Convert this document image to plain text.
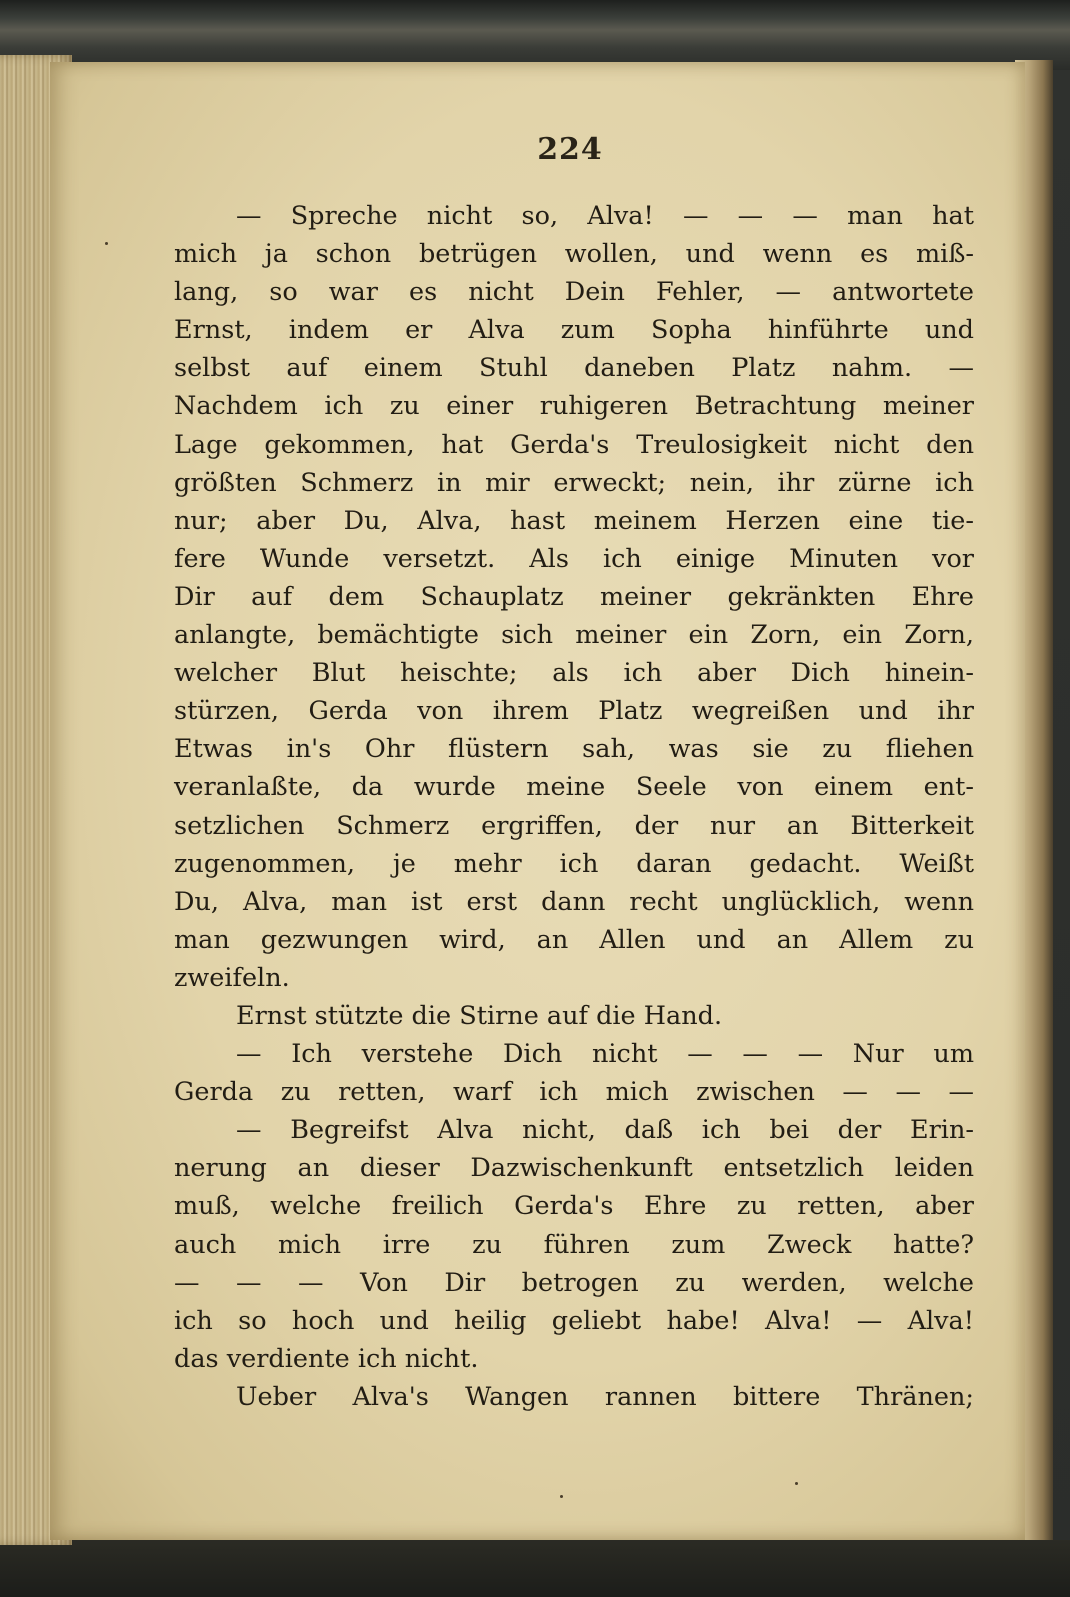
224
— Spreche nicht so, Alva! — — — man hat
mich ja schon betrügen wollen, und wenn es miß-
lang, so war es nicht Dein Fehler, — antwortete
Ernst, indem er Alva zum Sopha hinführte und
selbst auf einem Stuhl daneben Platz nahm. —
Nachdem ich zu einer ruhigeren Betrachtung meiner
Lage gekommen, hat Gerda's Treulosigkeit nicht den
größten Schmerz in mir erweckt; nein, ihr zürne ich
nur; aber Du, Alva, hast meinem Herzen eine tie-
fere Wunde versetzt. Als ich einige Minuten vor
Dir auf dem Schauplatz meiner gekränkten Ehre
anlangte, bemächtigte sich meiner ein Zorn, ein Zorn,
welcher Blut heischte; als ich aber Dich hinein-
stürzen, Gerda von ihrem Platz wegreißen und ihr
Etwas in's Ohr flüstern sah, was sie zu fliehen
veranlaßte, da wurde meine Seele von einem ent-
setzlichen Schmerz ergriffen, der nur an Bitterkeit
zugenommen, je mehr ich daran gedacht. Weißt
Du, Alva, man ist erst dann recht unglücklich, wenn
man gezwungen wird, an Allen und an Allem zu
zweifeln.
Ernst stützte die Stirne auf die Hand.
— Ich verstehe Dich nicht — — — Nur um
Gerda zu retten, warf ich mich zwischen — — —
— Begreifst Alva nicht, daß ich bei der Erin-
nerung an dieser Dazwischenkunft entsetzlich leiden
muß, welche freilich Gerda's Ehre zu retten, aber
auch mich irre zu führen zum Zweck hatte?
— — — Von Dir betrogen zu werden, welche
ich so hoch und heilig geliebt habe! Alva! — Alva!
das verdiente ich nicht.
Ueber Alva's Wangen rannen bittere Thränen;
